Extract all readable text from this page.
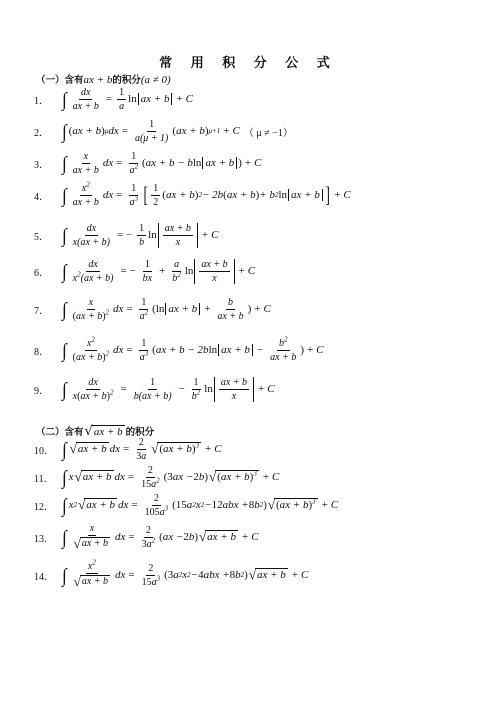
常 用 积 分 公 式
（一）含有ax + b的积分(a ≠ 0)
1． ∫ $\frac{dx}{ax + b} = \frac{1}{a}$ ln ax + b + C
2． ∫ ( ax + b ) μ d $x = \frac{1}{a(\mu + 1)}$ ( ax + b ) μ+1 + C （ μ ≠ −1）
3． ∫ $\frac{x}{ax + b}$ d $x = \frac{1}{a^2}$ ( ax + b − b ln ax + b ) + C
4． ∫ $\frac{x^2}{ax + b}$ d $x = \frac{1}{a^3}$ [ $\frac{1}{2}$ ( ax + b ) 2 − 2b ( ax + b ) + b 2 ln ax + b ] + C
5． ∫ $\frac{dx}{x(ax + b)}$ = − $\frac{1}{b}$ $\ln \frac{ax + b}{x} + C$
6． ∫ $\frac{dx}{x^2(ax + b)}$ = − $\frac{1}{bx} + \frac{a}{b^2}$ $\ln \frac{ax + b}{x} + C$
7． ∫ $\frac{x}{(ax + b)^2}$ d $x = \frac{1}{a^2} (\ln$ ax + $b + \frac{b}{ax + b}$ ) + C
8． ∫ $\frac{x^2}{(ax + b)^2}$ d $x = \frac{1}{a^3}$ ( ax + b − 2b ln ax + $b - \frac{b^2}{ax + b}$ ) + C
9． ∫ $\frac{dx}{x(ax + b)^2} = \frac{1}{b(ax + b)} - \frac{1}{b^2}$ $\ln \frac{ax + b}{x} + C$
（二）含有 √ ax + b 的积分
10． ∫ √ ax + b d $x = \frac{2}{3a}$ √ (ax + b)$^3$ + C
11． ∫ x √ ax + b d $x = \frac{2}{15a^2} (3$ ax − 2 b ) √ (ax + b)$^3$ + C
12． ∫ x 2 √ ax + b d $x = \frac{2}{105a^3} (15$ a 2 x 2 − 12 abx + 8 b 2 ) √ (ax + b)$^3$ + C
13． ∫ $\frac{x}{√ ax + b}$ d $x = \frac{2}{3a^2}$ ( ax − 2 b ) √ ax + b + C
14． ∫ $\frac{x^2}{√ ax + b}$ d $x = \frac{2}{15a^3} (3$ a 2 x 2 − 4 abx + 8 b 2 ) √ ax + b + C
